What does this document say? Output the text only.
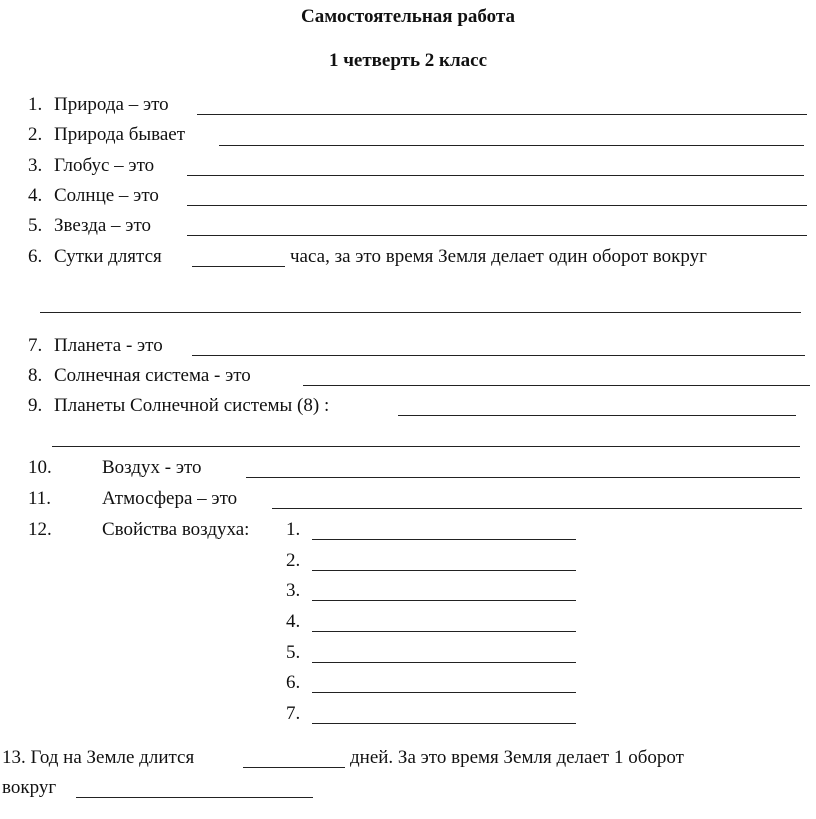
Самостоятельная работа
1 четверть 2 класс
1. Природа – это
2. Природа бывает
3. Глобус – это
4. Солнце – это
5. Звезда – это
6. Сутки длятся	часа, за это время Земля делает один оборот вокруг
7. Планета - это
8. Солнечная система - это
9. Планеты Солнечной системы (8) :
10.	Воздух - это
11.	Атмосфера – это
12.	Свойства воздуха: 1.
2.
3.
4.
5.
6.
7.
13. Год на Земле длится	дней. За это время Земля делает 1 оборот
вокруг
